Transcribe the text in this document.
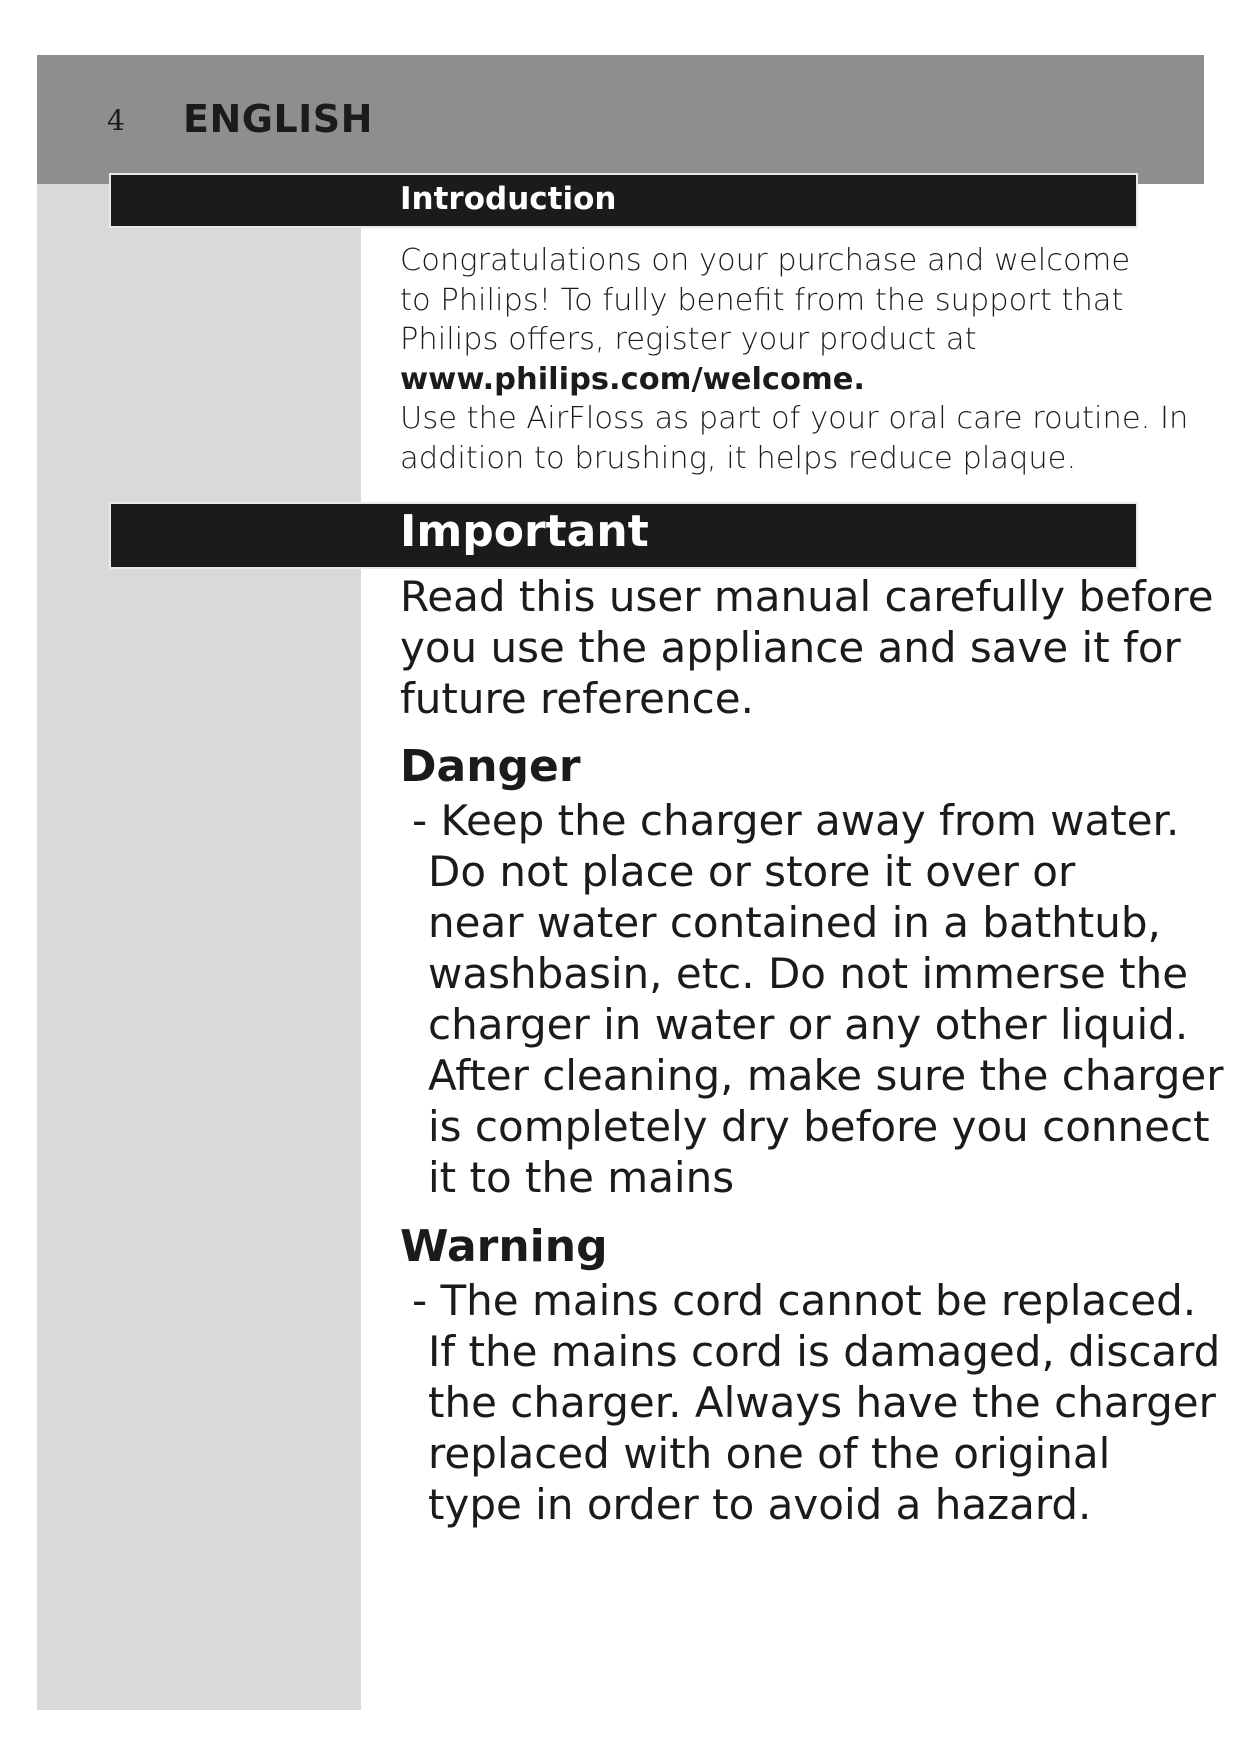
4 ENGLISH
Introduction
Congratulations on your purchase and welcome
to Philips! To fully benefit from the support that
Philips offers, register your product at
www.philips.com/welcome.
Use the AirFloss as part of your oral care routine. In
addition to brushing, it helps reduce plaque.
Important
Read this user manual carefully before
you use the appliance and save it for
future reference.
Danger
- Keep the charger away from water.
Do not place or store it over or
near water contained in a bathtub,
washbasin, etc. Do not immerse the
charger in water or any other liquid.
After cleaning, make sure the charger
is completely dry before you connect
it to the mains
Warning
- The mains cord cannot be replaced.
If the mains cord is damaged, discard
the charger. Always have the charger
replaced with one of the original
type in order to avoid a hazard.
